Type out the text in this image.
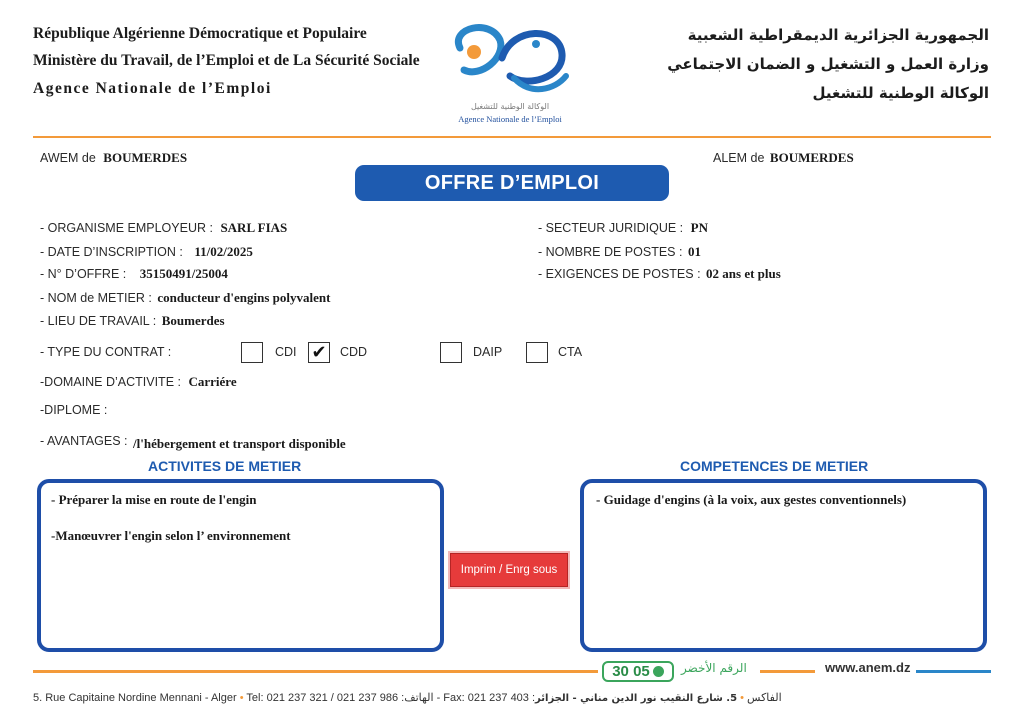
République Algérienne Démocratique et Populaire
Ministère du Travail, de l’Emploi et de La Sécurité Sociale
Agence Nationale de l’Emploi
الجمهورية الجزائرية الديمقراطية الشعبية
وزارة العمل و التشغيل و الضمان الاجتماعي
الوكالة الوطنية للتشغيل
الوكالة الوطنية للتشغيل
Agence Nationale de l’Emploi
AWEM de BOUMERDES	ALEM de BOUMERDES
OFFRE D’EMPLOI
- ORGANISME EMPLOYEUR : SARL FIAS
- DATE D’INSCRIPTION : 11/02/2025
- N° D’OFFRE : 35150491/25004
- NOM de METIER : conducteur d'engins polyvalent
- LIEU DE TRAVAIL : Boumerdes
- SECTEUR JURIDIQUE : PN
- NOMBRE DE POSTES : 01
- EXIGENCES DE POSTES : 02 ans et plus
- TYPE DU CONTRAT :	CDI ✔ CDD	DAIP	CTA
-DOMAINE D’ACTIVITE : Carriére
-DIPLOME :
- AVANTAGES : /l'hébergement et transport disponible
ACTIVITES DE METIER	COMPETENCES DE METIER
- Préparer la mise en route de l'engin
-Manœuvrer l'engin selon l’ environnement
Imprim / Enrg sous
- Guidage d'engins (à la voix, aux gestes conventionnels)
30 05	الرقم الأخضر	www.anem.dz
5. Rue Capitaine Nordine Mennani - Alger • Tel: 021 237 321 / 021 237 986 :الهاتف - Fax: 021 237 403 :الفاكس • 5. شارع النقيب نور الدين مناني - الجزائر
